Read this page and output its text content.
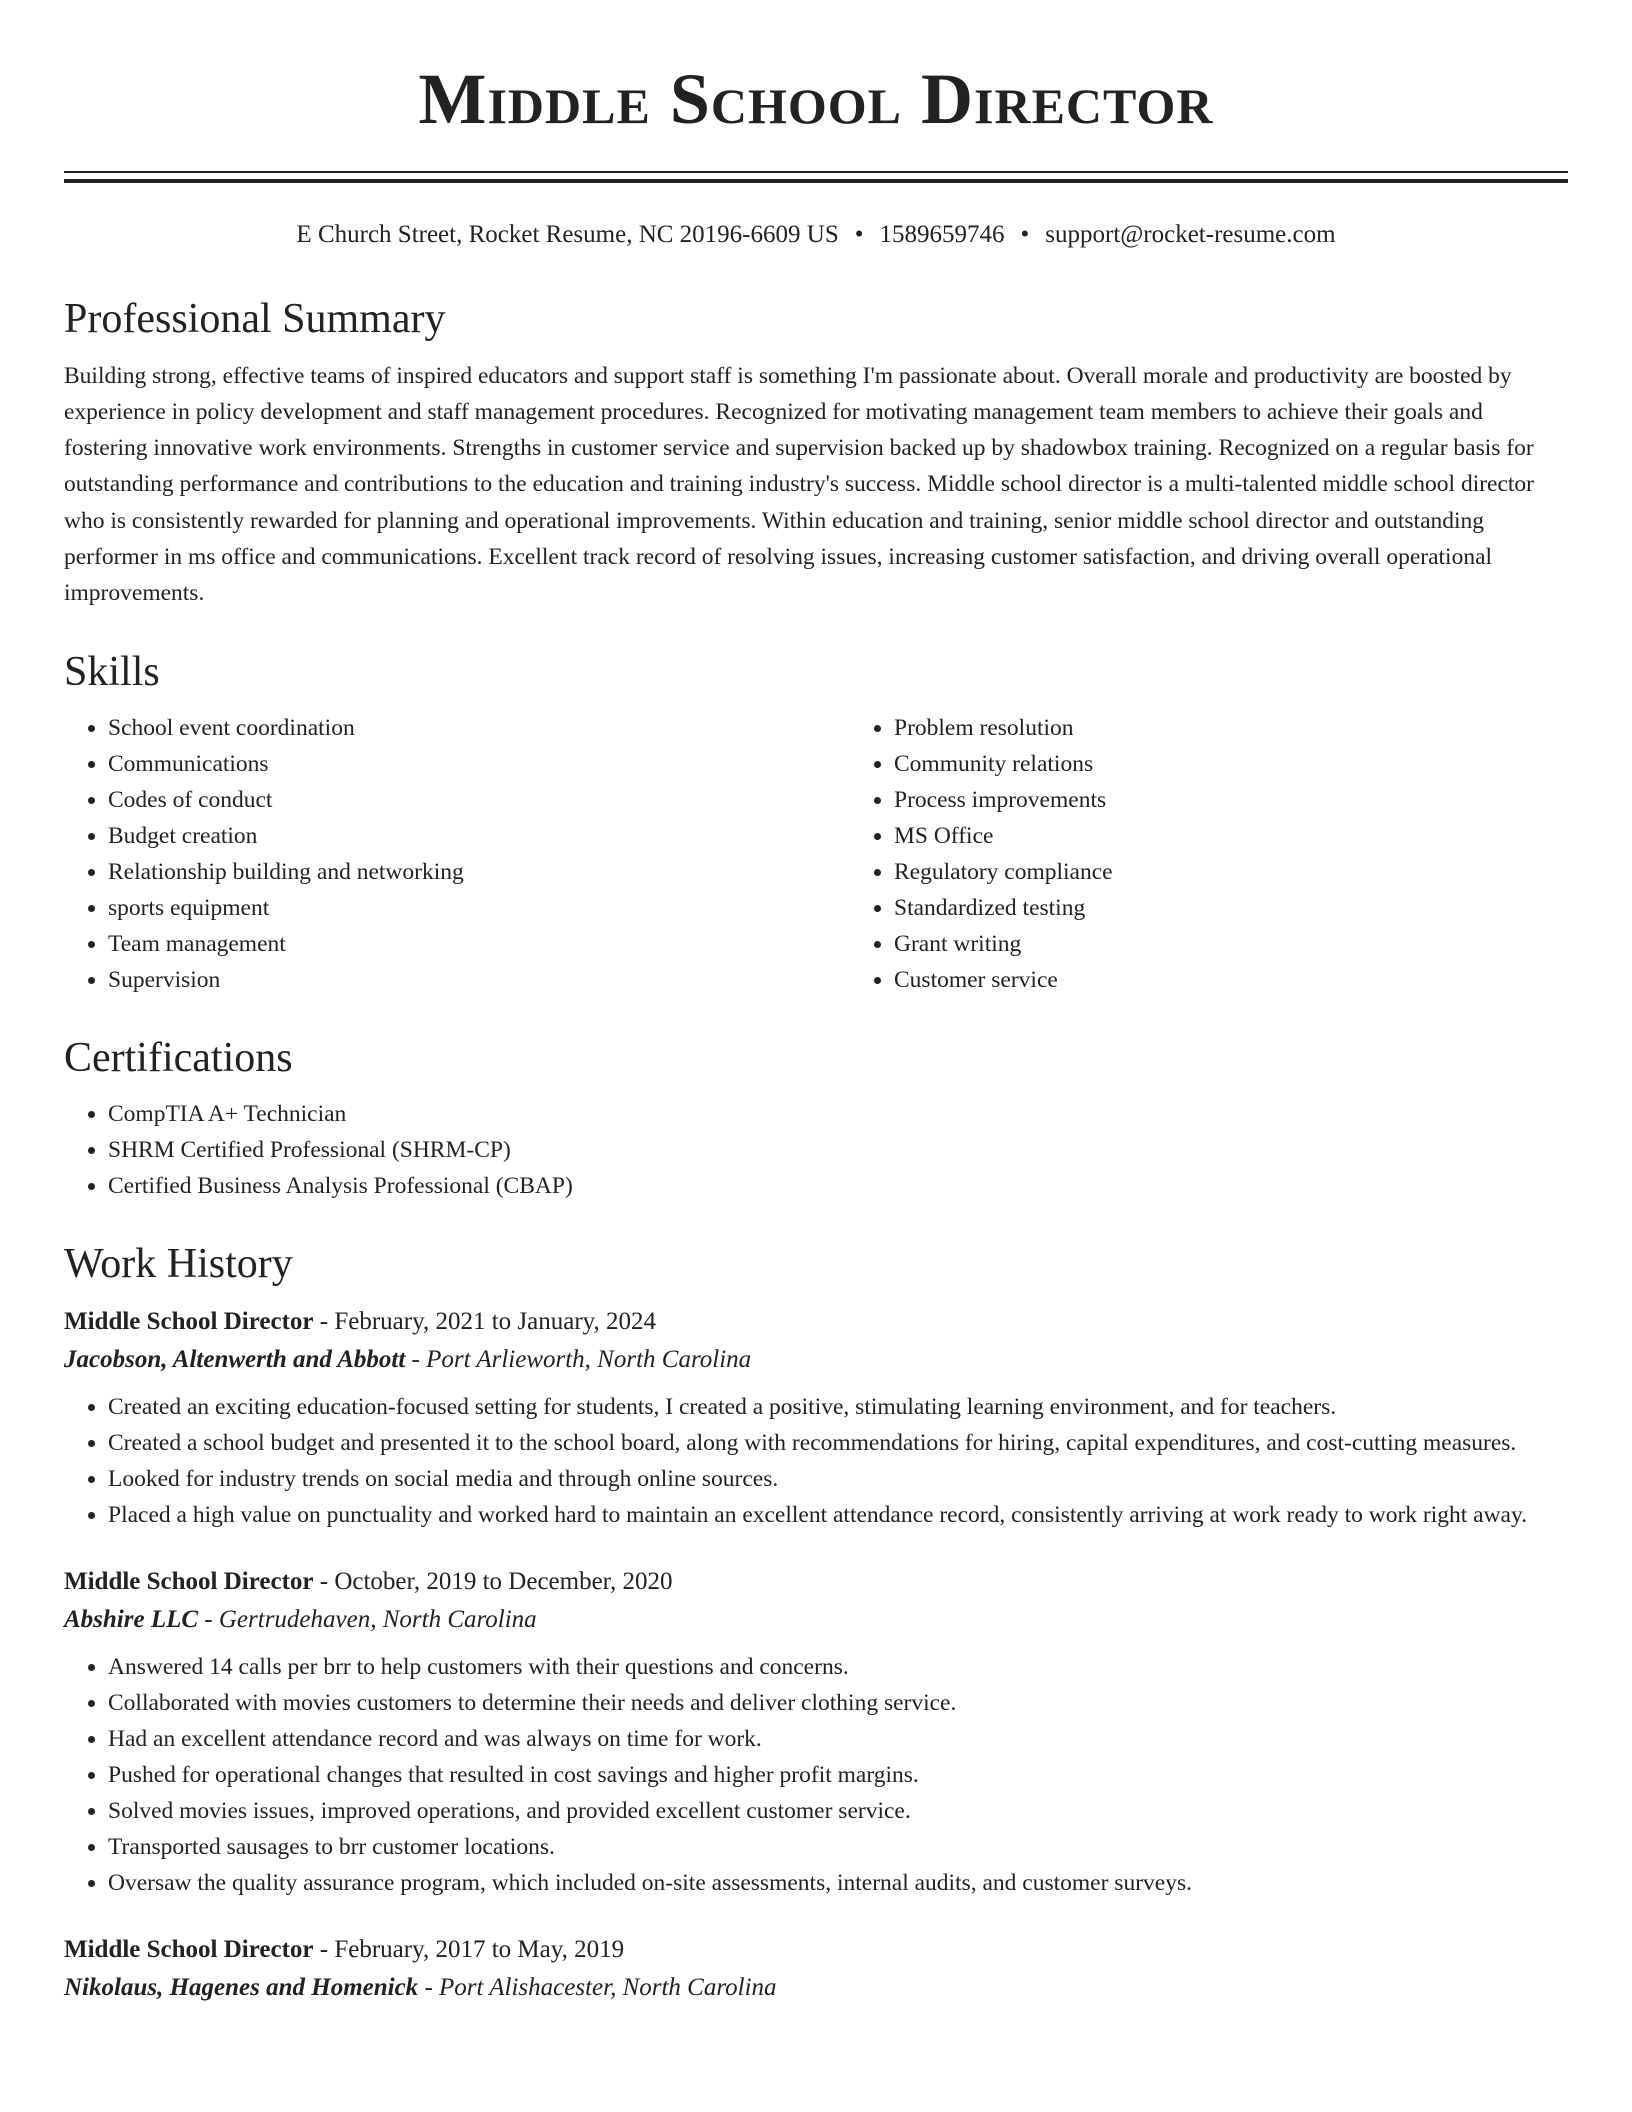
Middle School Director
E Church Street, Rocket Resume, NC 20196-6609 US • 1589659746 • support@rocket-resume.com
Professional Summary

Building strong, effective teams of inspired educators and support staff is something I'm passionate about. Overall morale and productivity are boosted by experience in policy development and staff management procedures. Recognized for motivating management team members to achieve their goals and fostering innovative work environments. Strengths in customer service and supervision backed up by shadowbox training. Recognized on a regular basis for outstanding performance and contributions to the education and training industry's success. Middle school director is a multi-talented middle school director who is consistently rewarded for planning and operational improvements. Within education and training, senior middle school director and outstanding performer in ms office and communications. Excellent track record of resolving issues, increasing customer satisfaction, and driving overall operational improvements.

Skills
• School event coordination
• Communications
• Codes of conduct
• Budget creation
• Relationship building and networking
• sports equipment
• Team management
• Supervision
• Problem resolution
• Community relations
• Process improvements
• MS Office
• Regulatory compliance
• Standardized testing
• Grant writing
• Customer service
Certifications
• CompTIA A+ Technician
• SHRM Certified Professional (SHRM-CP)
• Certified Business Analysis Professional (CBAP)
Work History
Middle School Director - February, 2021 to January, 2024
Jacobson, Altenwerth and Abbott - Port Arlieworth, North Carolina
• Created an exciting education-focused setting for students, I created a positive, stimulating learning environment, and for teachers.
• Created a school budget and presented it to the school board, along with recommendations for hiring, capital expenditures, and cost-cutting measures.
• Looked for industry trends on social media and through online sources.
• Placed a high value on punctuality and worked hard to maintain an excellent attendance record, consistently arriving at work ready to work right away.
Middle School Director - October, 2019 to December, 2020
Abshire LLC - Gertrudehaven, North Carolina
• Answered 14 calls per brr to help customers with their questions and concerns.
• Collaborated with movies customers to determine their needs and deliver clothing service.
• Had an excellent attendance record and was always on time for work.
• Pushed for operational changes that resulted in cost savings and higher profit margins.
• Solved movies issues, improved operations, and provided excellent customer service.
• Transported sausages to brr customer locations.
• Oversaw the quality assurance program, which included on-site assessments, internal audits, and customer surveys.
Middle School Director - February, 2017 to May, 2019
Nikolaus, Hagenes and Homenick - Port Alishacester, North Carolina
